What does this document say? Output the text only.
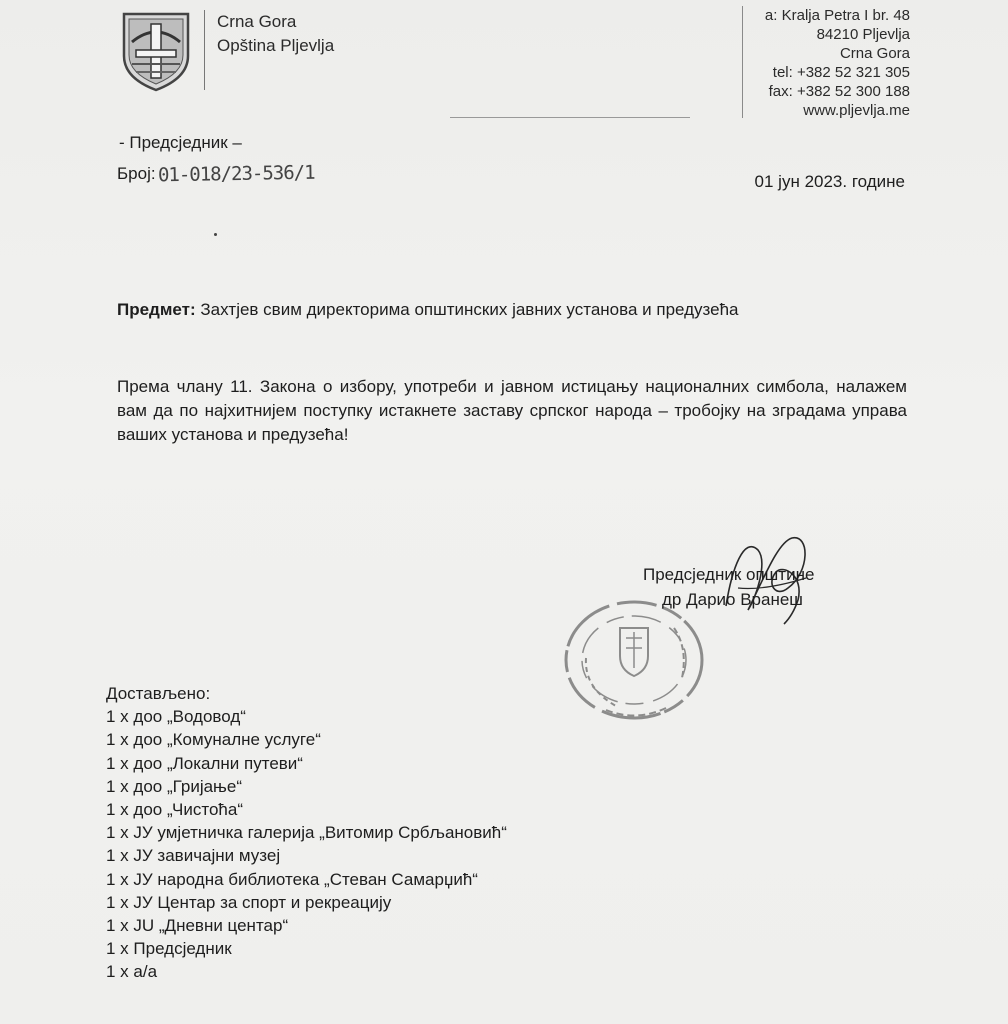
Crna Gora
Opština Pljevlja
a: Kralja Petra I br. 48
84210 Pljevlja
Crna Gora
tel: +382 52 321 305
fax: +382 52 300 188
www.pljevlja.me
- Предсједник –
Број: 01-018/23-536/1	01 јун 2023. године
Предмет: Захтјев свим директорима општинских јавних установа и предузећа
Према члану 11. Закона о избору, употреби и јавном истицању националних симбола, налажем вам да по најхитнијем поступку истакнете заставу српског народа – тробојку на зградама управа ваших установа и предузећа!
Предсједник општине
др Дарио Вранеш
Достављено:
1 х доо „Водовод“
1 х доо „Комуналне услуге“
1 х доо „Локални путеви“
1 х доо „Гријање“
1 х доо „Чистоћа“
1 х ЈУ умјетничка галерија „Витомир Србљановић“
1 х ЈУ завичајни музеј
1 х ЈУ народна библиотека „Стеван Самарџић“
1 х ЈУ Центар за спорт и рекреацију
1 х JU „Дневни центар“
1 х Предсједник
1 х а/а
